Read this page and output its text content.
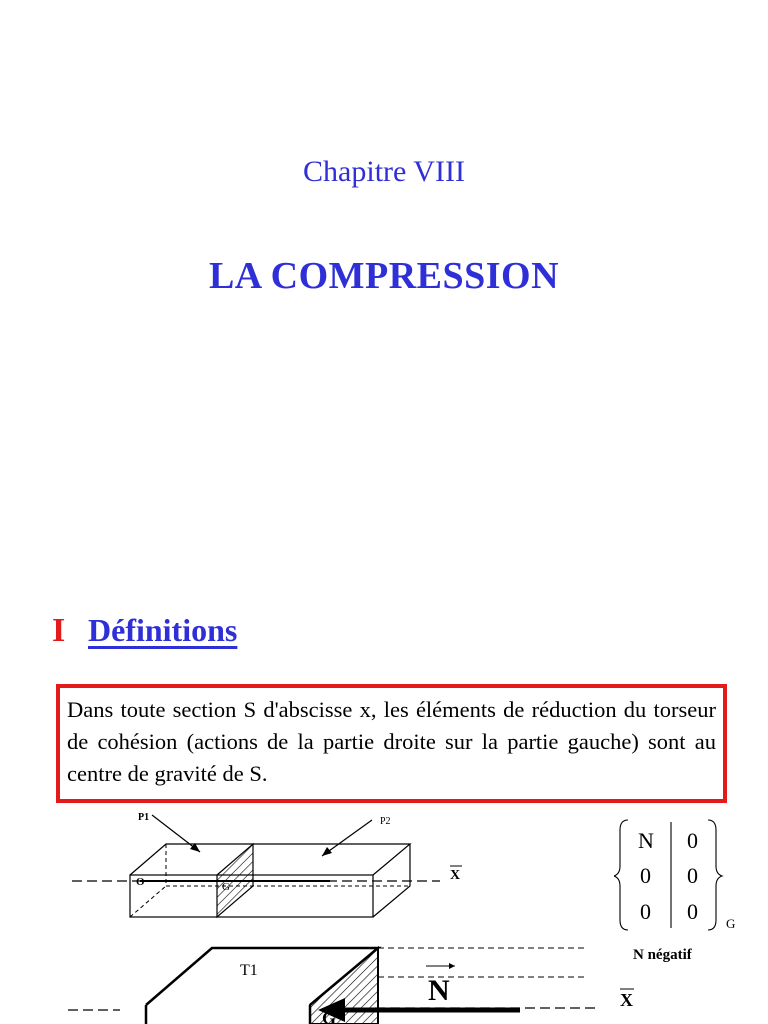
Chapitre VIII
LA COMPRESSION
I Définitions
Dans toute section S d'abscisse x, les éléments de réduction du torseur de cohésion (actions de la partie droite sur la partie gauche) sont au centre de gravité de S.
P1	P2
O	G
X
T1
N
G
X
N 0
0 0
0 0 G
N négatif
